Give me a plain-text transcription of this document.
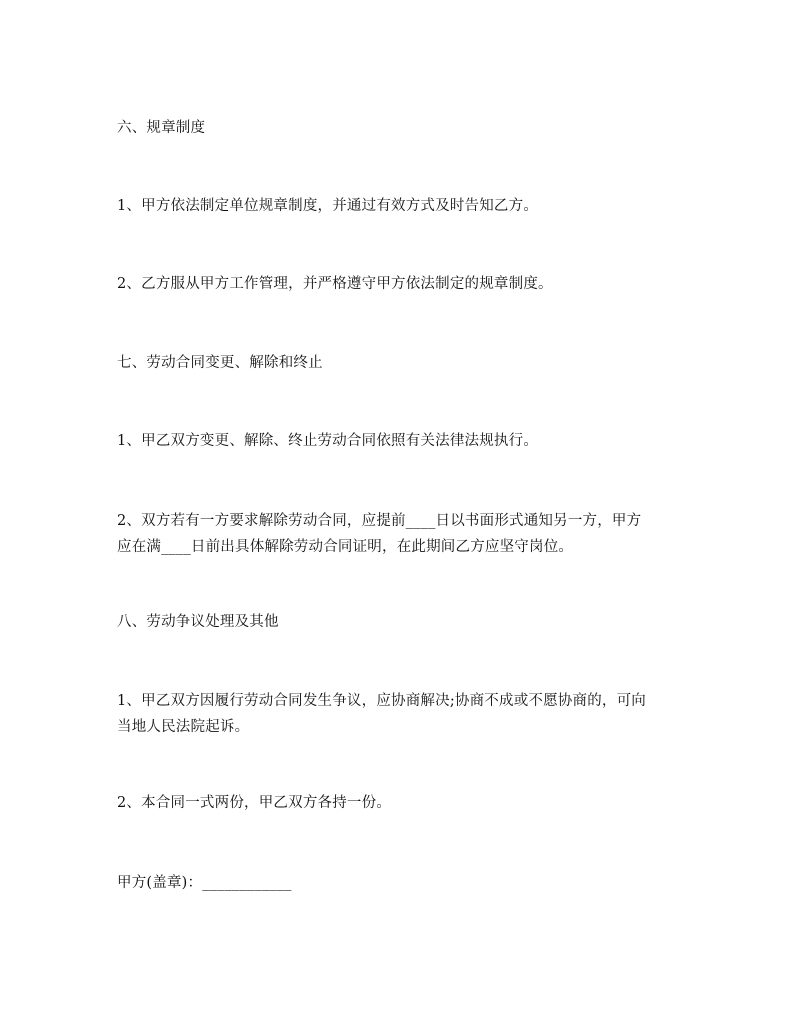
六、规章制度
1、甲方依法制定单位规章制度，并通过有效方式及时告知乙方。
2、乙方服从甲方工作管理，并严格遵守甲方依法制定的规章制度。
七、劳动合同变更、解除和终止
1、甲乙双方变更、解除、终止劳动合同依照有关法律法规执行。
2、双方若有一方要求解除劳动合同，应提前____日以书面形式通知另一方，甲方
应在满____日前出具体解除劳动合同证明，在此期间乙方应坚守岗位。
八、劳动争议处理及其他
1、甲乙双方因履行劳动合同发生争议，应协商解决;协商不成或不愿协商的，可向
当地人民法院起诉。
2、本合同一式两份，甲乙双方各持一份。
甲方(盖章)：____________
